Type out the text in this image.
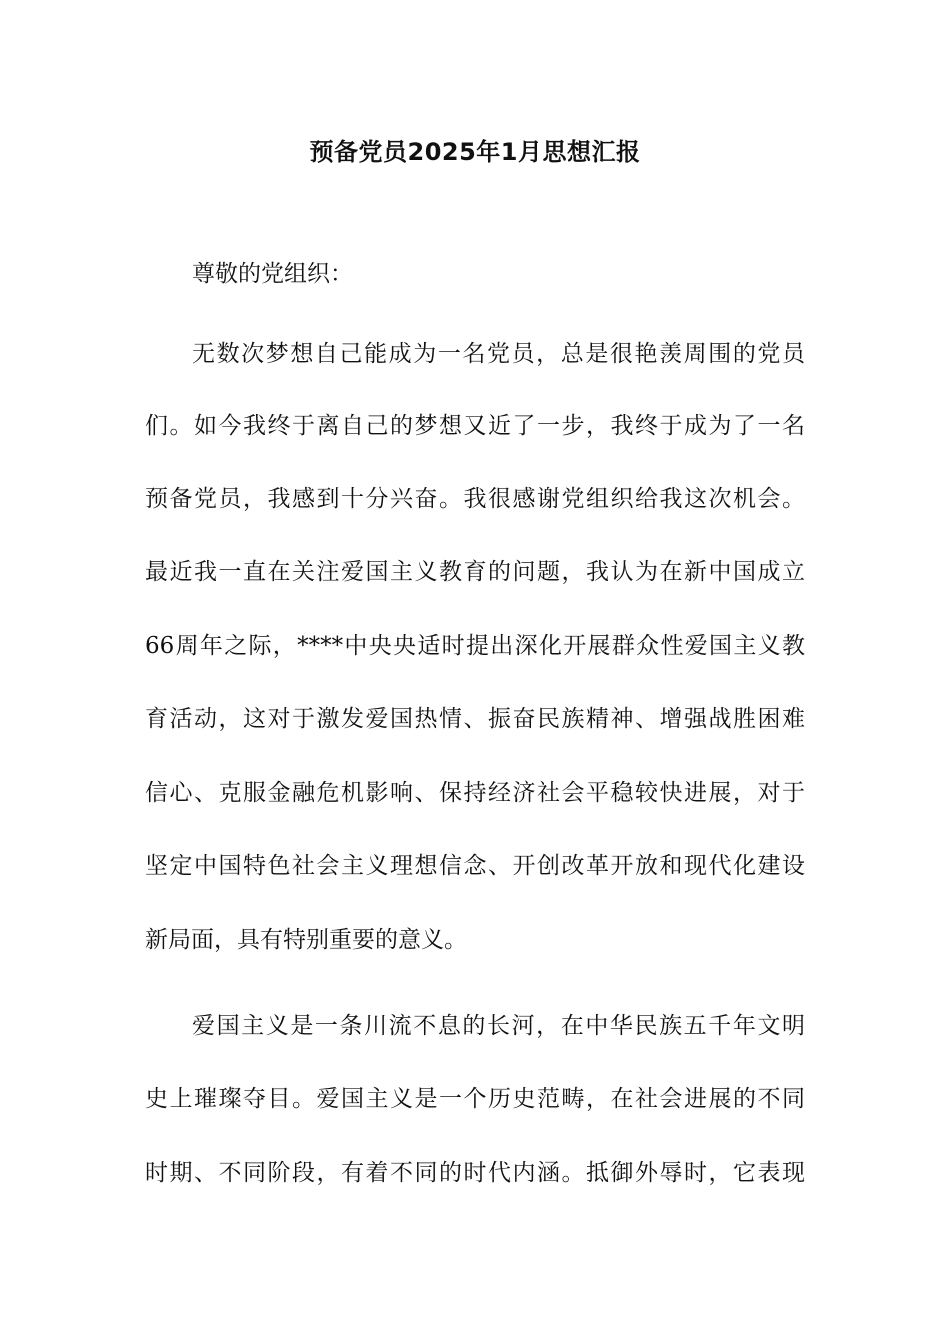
预备党员2025年1月思想汇报

尊敬的党组织：

无数次梦想自己能成为一名党员，总是很艳羡周围的党员

们。如今我终于离自己的梦想又近了一步，我终于成为了一名

预备党员，我感到十分兴奋。我很感谢党组织给我这次机会。

最近我一直在关注爱国主义教育的问题，我认为在新中国成立

66周年之际，****中央央适时提出深化开展群众性爱国主义教

育活动，这对于激发爱国热情、振奋民族精神、增强战胜困难

信心、克服金融危机影响、保持经济社会平稳较快进展，对于

坚定中国特色社会主义理想信念、开创改革开放和现代化建设

新局面，具有特别重要的意义。

爱国主义是一条川流不息的长河，在中华民族五千年文明

史上璀璨夺目。爱国主义是一个历史范畴，在社会进展的不同

时期、不同阶段，有着不同的时代内涵。抵御外辱时，它表现
